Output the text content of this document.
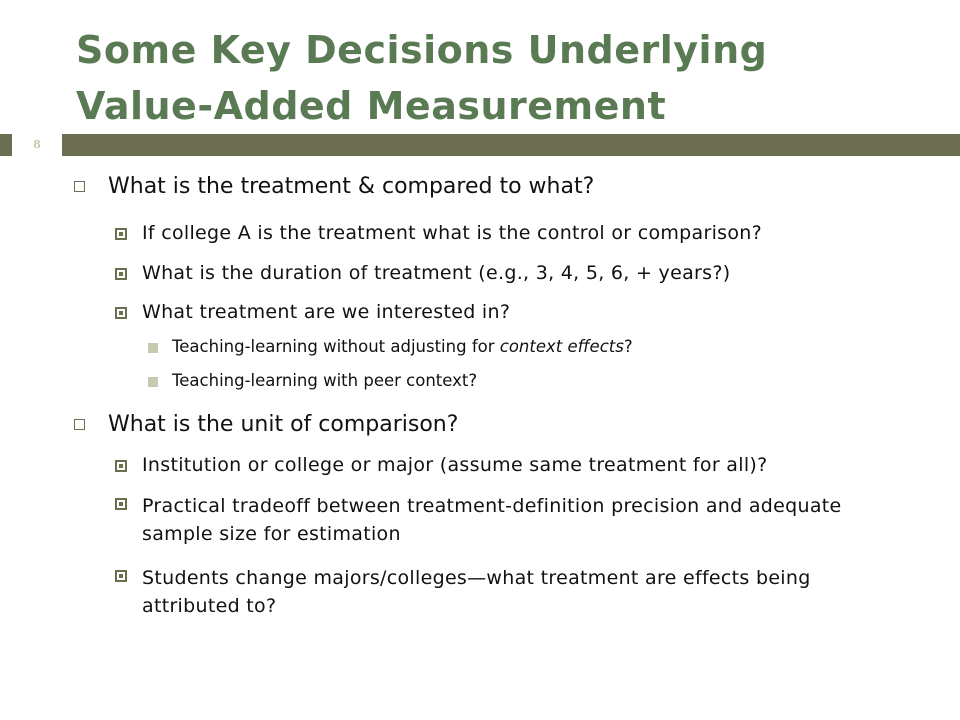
Some Key Decisions Underlying
Value-Added Measurement
8
What is the treatment & compared to what?
If college A is the treatment what is the control or comparison?
What is the duration of treatment (e.g., 3, 4, 5, 6, + years?)
What treatment are we interested in?
Teaching-learning without adjusting for context effects?
Teaching-learning with peer context?
What is the unit of comparison?
Institution or college or major (assume same treatment for all)?
Practical tradeoff between treatment-definition precision and adequate sample size for estimation
Students change majors/colleges—what treatment are effects being attributed to?
